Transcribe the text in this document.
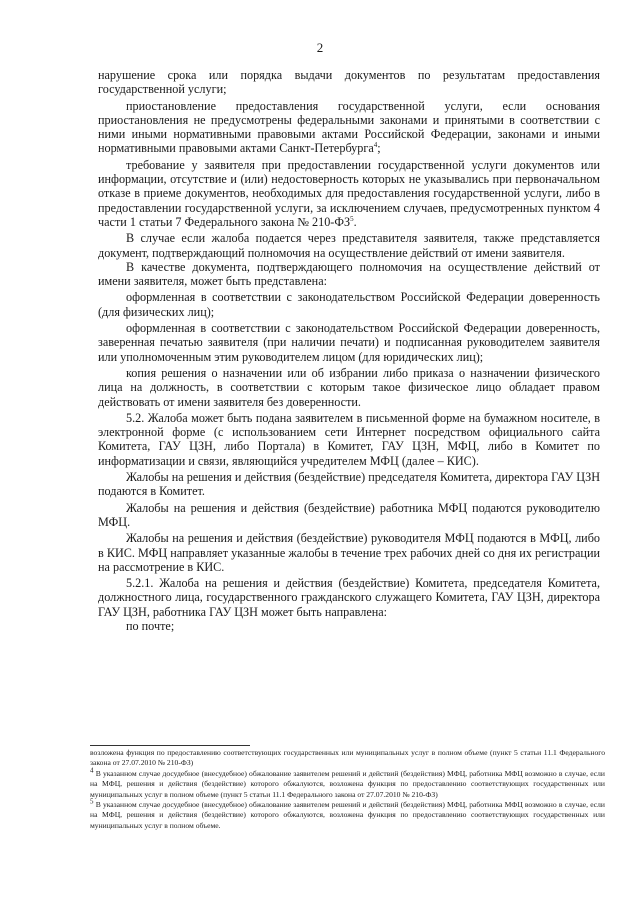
2

нарушение срока или порядка выдачи документов по результатам предоставления государственной услуги;

приостановление предоставления государственной услуги, если основания приостановления не предусмотрены федеральными законами и принятыми в соответствии с ними иными нормативными правовыми актами Российской Федерации, законами и иными нормативными правовыми актами Санкт-Петербурга$^4$;

требование у заявителя при предоставлении государственной услуги документов или информации, отсутствие и (или) недостоверность которых не указывались при первоначальном отказе в приеме документов, необходимых для предоставления государственной услуги, либо в предоставлении государственной услуги, за исключением случаев, предусмотренных пунктом 4 части 1 статьи 7 Федерального закона № $210-ФЗ^5$.

В случае если жалоба подается через представителя заявителя, также представляется документ, подтверждающий полномочия на осуществление действий от имени заявителя.

В качестве документа, подтверждающего полномочия на осуществление действий от имени заявителя, может быть представлена:

оформленная в соответствии с законодательством Российской Федерации доверенность (для физических лиц);

оформленная в соответствии с законодательством Российской Федерации доверенность, заверенная печатью заявителя (при наличии печати) и подписанная руководителем заявителя или уполномоченным этим руководителем лицом (для юридических лиц);

копия решения о назначении или об избрании либо приказа о назначении физического лица на должность, в соответствии с которым такое физическое лицо обладает правом действовать от имени заявителя без доверенности.

5.2. Жалоба может быть подана заявителем в письменной форме на бумажном носителе, в электронной форме (с использованием сети Интернет посредством официального сайта Комитета, ГАУ ЦЗН, либо Портала) в Комитет, ГАУ ЦЗН, МФЦ, либо в Комитет по информатизации и связи, являющийся учредителем МФЦ (далее – КИС).

Жалобы на решения и действия (бездействие) председателя Комитета, директора ГАУ ЦЗН подаются в Комитет.

Жалобы на решения и действия (бездействие) работника МФЦ подаются руководителю МФЦ.

Жалобы на решения и действия (бездействие) руководителя МФЦ подаются в МФЦ, либо в КИС. МФЦ направляет указанные жалобы в течение трех рабочих дней со дня их регистрации на рассмотрение в КИС.

5.2.1. Жалоба на решения и действия (бездействие) Комитета, председателя Комитета, должностного лица, государственного гражданского служащего Комитета, ГАУ ЦЗН, директора ГАУ ЦЗН, работника ГАУ ЦЗН может быть направлена:

по почте;

возложена функция по предоставлению соответствующих государственных или муниципальных услуг в полном объеме (пункт 5 статьи 11.1 Федерального закона от 27.07.2010 № 210-ФЗ)

$^4$ В указанном случае досудебное (внесудебное) обжалование заявителем решений и действий (бездействия) МФЦ, работника МФЦ возможно в случае, если на МФЦ, решения и действия (бездействие) которого обжалуются, возложена функция по предоставлению соответствующих государственных или муниципальных услуг в полном объеме (пункт 5 статьи 11.1 Федерального закона от 27.07.2010 № 210-ФЗ)

$^5$ В указанном случае досудебное (внесудебное) обжалование заявителем решений и действий (бездействия) МФЦ, работника МФЦ возможно в случае, если на МФЦ, решения и действия (бездействие) которого обжалуются, возложена функция по предоставлению соответствующих государственных или муниципальных услуг в полном объеме.
